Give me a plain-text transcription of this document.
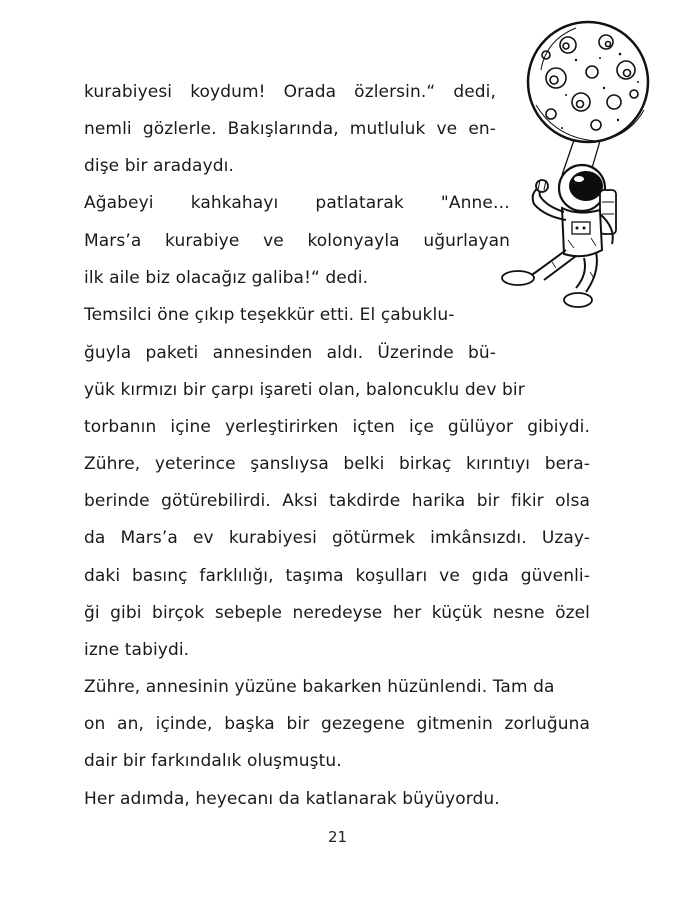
kurabiyesi koydum! Orada özlersin.“ dedi,
nemli gözlerle. Bakışlarında, mutluluk ve en-
dişe bir aradaydı.
Ağabeyi kahkahayı patlatarak "Anne…
Mars’a kurabiye ve kolonyayla uğurlayan
ilk aile biz olacağız galiba!“ dedi.
Temsilci öne çıkıp teşekkür etti. El çabuklu-
ğuyla paketi annesinden aldı. Üzerinde bü-
yük kırmızı bir çarpı işareti olan, baloncuklu dev bir
torbanın içine yerleştirirken içten içe gülüyor gibiydi.
Zühre, yeterince şanslıysa belki birkaç kırıntıyı bera-
berinde götürebilirdi. Aksi takdirde harika bir fikir olsa
da Mars’a ev kurabiyesi götürmek imkânsızdı. Uzay-
daki basınç farklılığı, taşıma koşulları ve gıda güvenli-
ği gibi birçok sebeple neredeyse her küçük nesne özel
izne tabiydi.
Zühre, annesinin yüzüne bakarken hüzünlendi. Tam da
on an, içinde, başka bir gezegene gitmenin zorluğuna
dair bir farkındalık oluşmuştu.
Her adımda, heyecanı da katlanarak büyüyordu.
21
